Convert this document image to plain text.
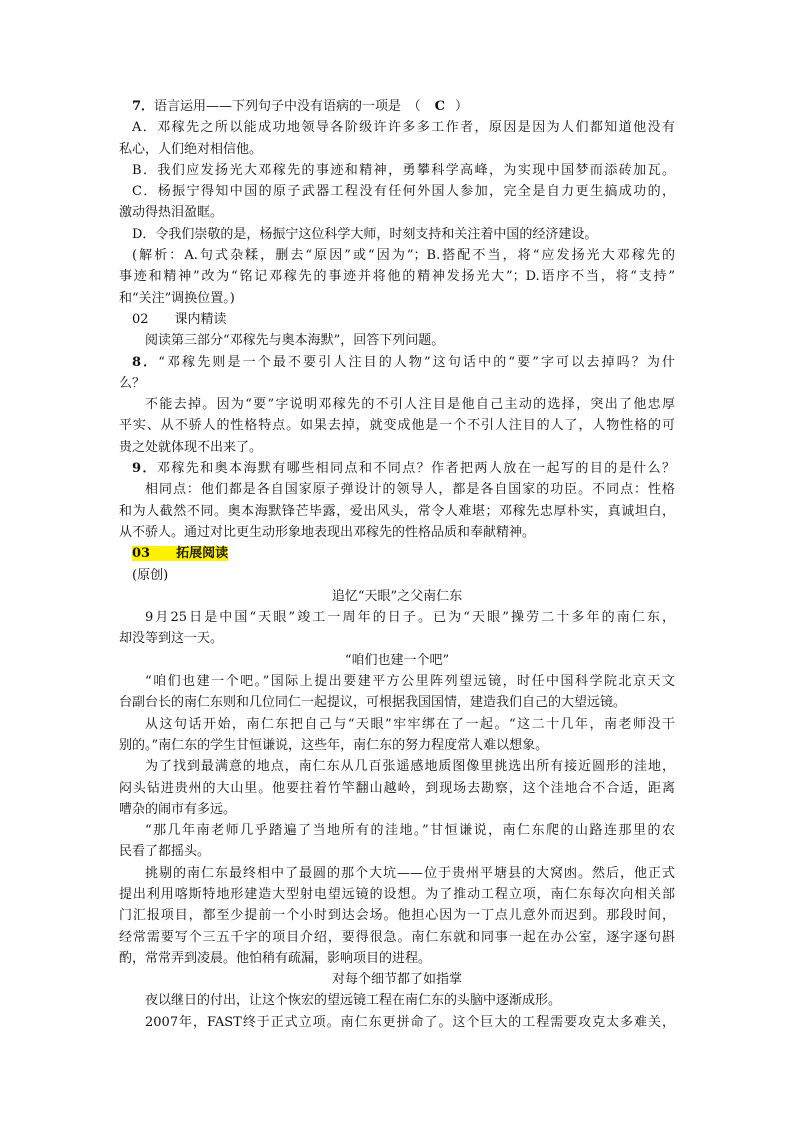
7．语言运用——下列句子中没有语病的一项是　 （ C ）
A．邓稼先之所以能成功地领导各阶级许许多多工作者，原因是因为人们都知道他没有
私心，人们绝对相信他。
B．我们应发扬光大邓稼先的事迹和精神，勇攀科学高峰，为实现中国梦而添砖加瓦。
C．杨振宁得知中国的原子武器工程没有任何外国人参加，完全是自力更生搞成功的，
激动得热泪盈眶。
D．令我们崇敬的是，杨振宁这位科学大师，时刻支持和关注着中国的经济建设。
(解析：A.句式杂糅，删去“原因”或“因为”；B.搭配不当，将“应发扬光大邓稼先的
事迹和精神”改为“铭记邓稼先的事迹并将他的精神发扬光大”；D.语序不当，将“支持”
和“关注”调换位置。)
02　　课内精读
阅读第三部分“邓稼先与奥本海默”，回答下列问题。
8．“邓稼先则是一个最不要引人注目的人物”这句话中的“要”字可以去掉吗？为什
么？
不能去掉。因为“要”字说明邓稼先的不引人注目是他自己主动的选择，突出了他忠厚
平实、从不骄人的性格特点。如果去掉，就变成他是一个不引人注目的人了，人物性格的可
贵之处就体现不出来了。
9．邓稼先和奥本海默有哪些相同点和不同点？作者把两人放在一起写的目的是什么？
相同点：他们都是各自国家原子弹设计的领导人，都是各自国家的功臣。不同点：性格
和为人截然不同。奥本海默锋芒毕露，爱出风头，常令人难堪；邓稼先忠厚朴实，真诚坦白，
从不骄人。通过对比更生动形象地表现出邓稼先的性格品质和奉献精神。
03　　拓展阅读
(原创)
追忆“天眼”之父南仁东
9月25日是中国“天眼”竣工一周年的日子。已为“天眼”操劳二十多年的南仁东，
却没等到这一天。
“咱们也建一个吧”
“咱们也建一个吧。”国际上提出要建平方公里阵列望远镜，时任中国科学院北京天文
台副台长的南仁东则和几位同仁一起提议，可根据我国国情，建造我们自己的大望远镜。
从这句话开始，南仁东把自己与“天眼”牢牢绑在了一起。“这二十几年，南老师没干
别的。”南仁东的学生甘恒谦说，这些年，南仁东的努力程度常人难以想象。
为了找到最满意的地点，南仁东从几百张遥感地质图像里挑选出所有接近圆形的洼地，
闷头钻进贵州的大山里。他要拄着竹竿翻山越岭，到现场去勘察，这个洼地合不合适，距离
嘈杂的闹市有多远。
“那几年南老师几乎踏遍了当地所有的洼地。”甘恒谦说，南仁东爬的山路连那里的农
民看了都摇头。
挑剔的南仁东最终相中了最圆的那个大坑——位于贵州平塘县的大窝凼。然后，他正式
提出利用喀斯特地形建造大型射电望远镜的设想。为了推动工程立项，南仁东每次向相关部
门汇报项目，都至少提前一个小时到达会场。他担心因为一丁点儿意外而迟到。那段时间，
经常需要写个三五千字的项目介绍，要得很急。南仁东就和同事一起在办公室，逐字逐句斟
酌，常常弄到凌晨。他怕稍有疏漏，影响项目的进程。
对每个细节都了如指掌
夜以继日的付出，让这个恢宏的望远镜工程在南仁东的头脑中逐渐成形。
2007年，FAST终于正式立项。南仁东更拼命了。这个巨大的工程需要攻克太多难关，
